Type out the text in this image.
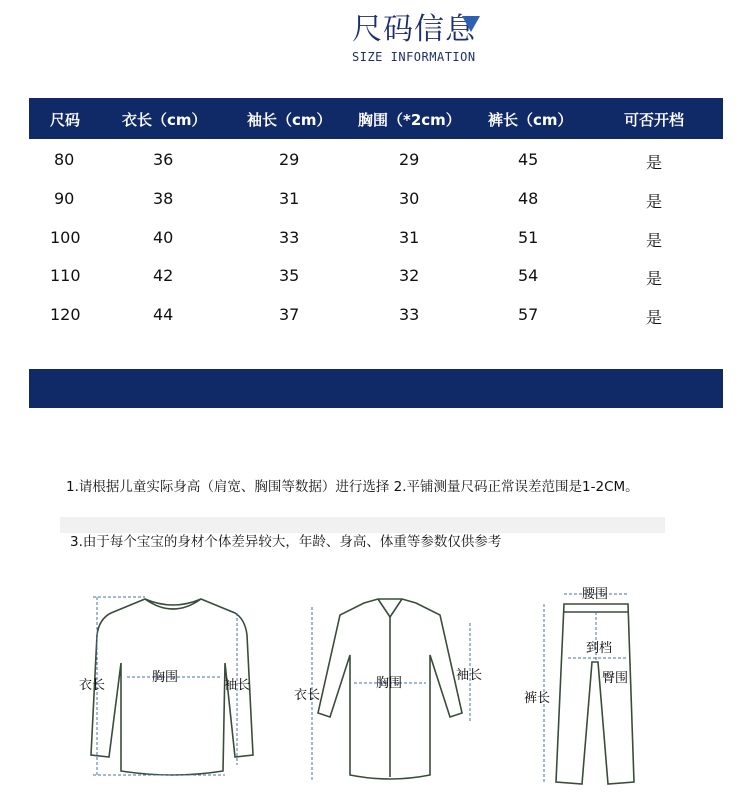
尺码信息
SIZE INFORMATION
尺码	衣长（cm）	袖长（cm） 胸围（*2cm） 裤长（cm）	可否开档
80	36	29	29	45	是
90	38	31	30	48	是
100	40	33	31	51	是
110	42	35	32	54	是
120	44	37	33	57	是
1.请根据儿童实际身高（肩宽、胸围等数据）进行选择 2.平铺测量尺码正常误差范围是1-2CM。
3.由于每个宝宝的身材个体差异较大，年龄、身高、体重等参数仅供参考
衣长
胸围
袖长
衣长
胸围
袖长
腰围
到档
臀围
裤长
